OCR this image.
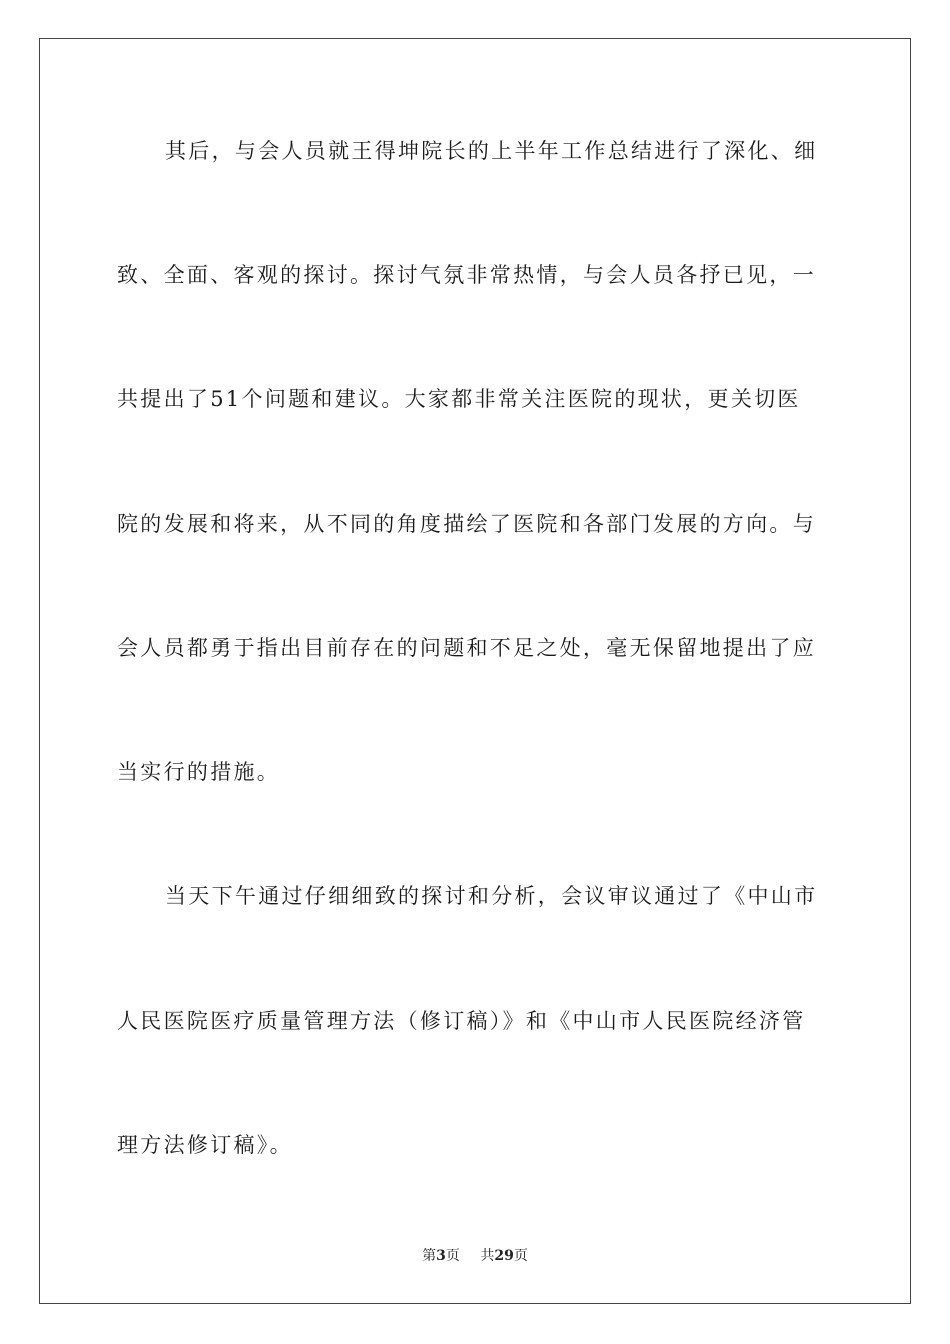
其后，与会人员就王得坤院长的上半年工作总结进行了深化、细
致、全面、客观的探讨。探讨气氛非常热情，与会人员各抒已见，一
共提出了51个问题和建议。大家都非常关注医院的现状，更关切医
院的发展和将来，从不同的角度描绘了医院和各部门发展的方向。与
会人员都勇于指出目前存在的问题和不足之处，毫无保留地提出了应
当实行的措施。
当天下午通过仔细细致的探讨和分析，会议审议通过了《中山市
人民医院医疗质量管理方法（修订稿）》和《中山市人民医院经济管
理方法修订稿》。
第3页 共29页
